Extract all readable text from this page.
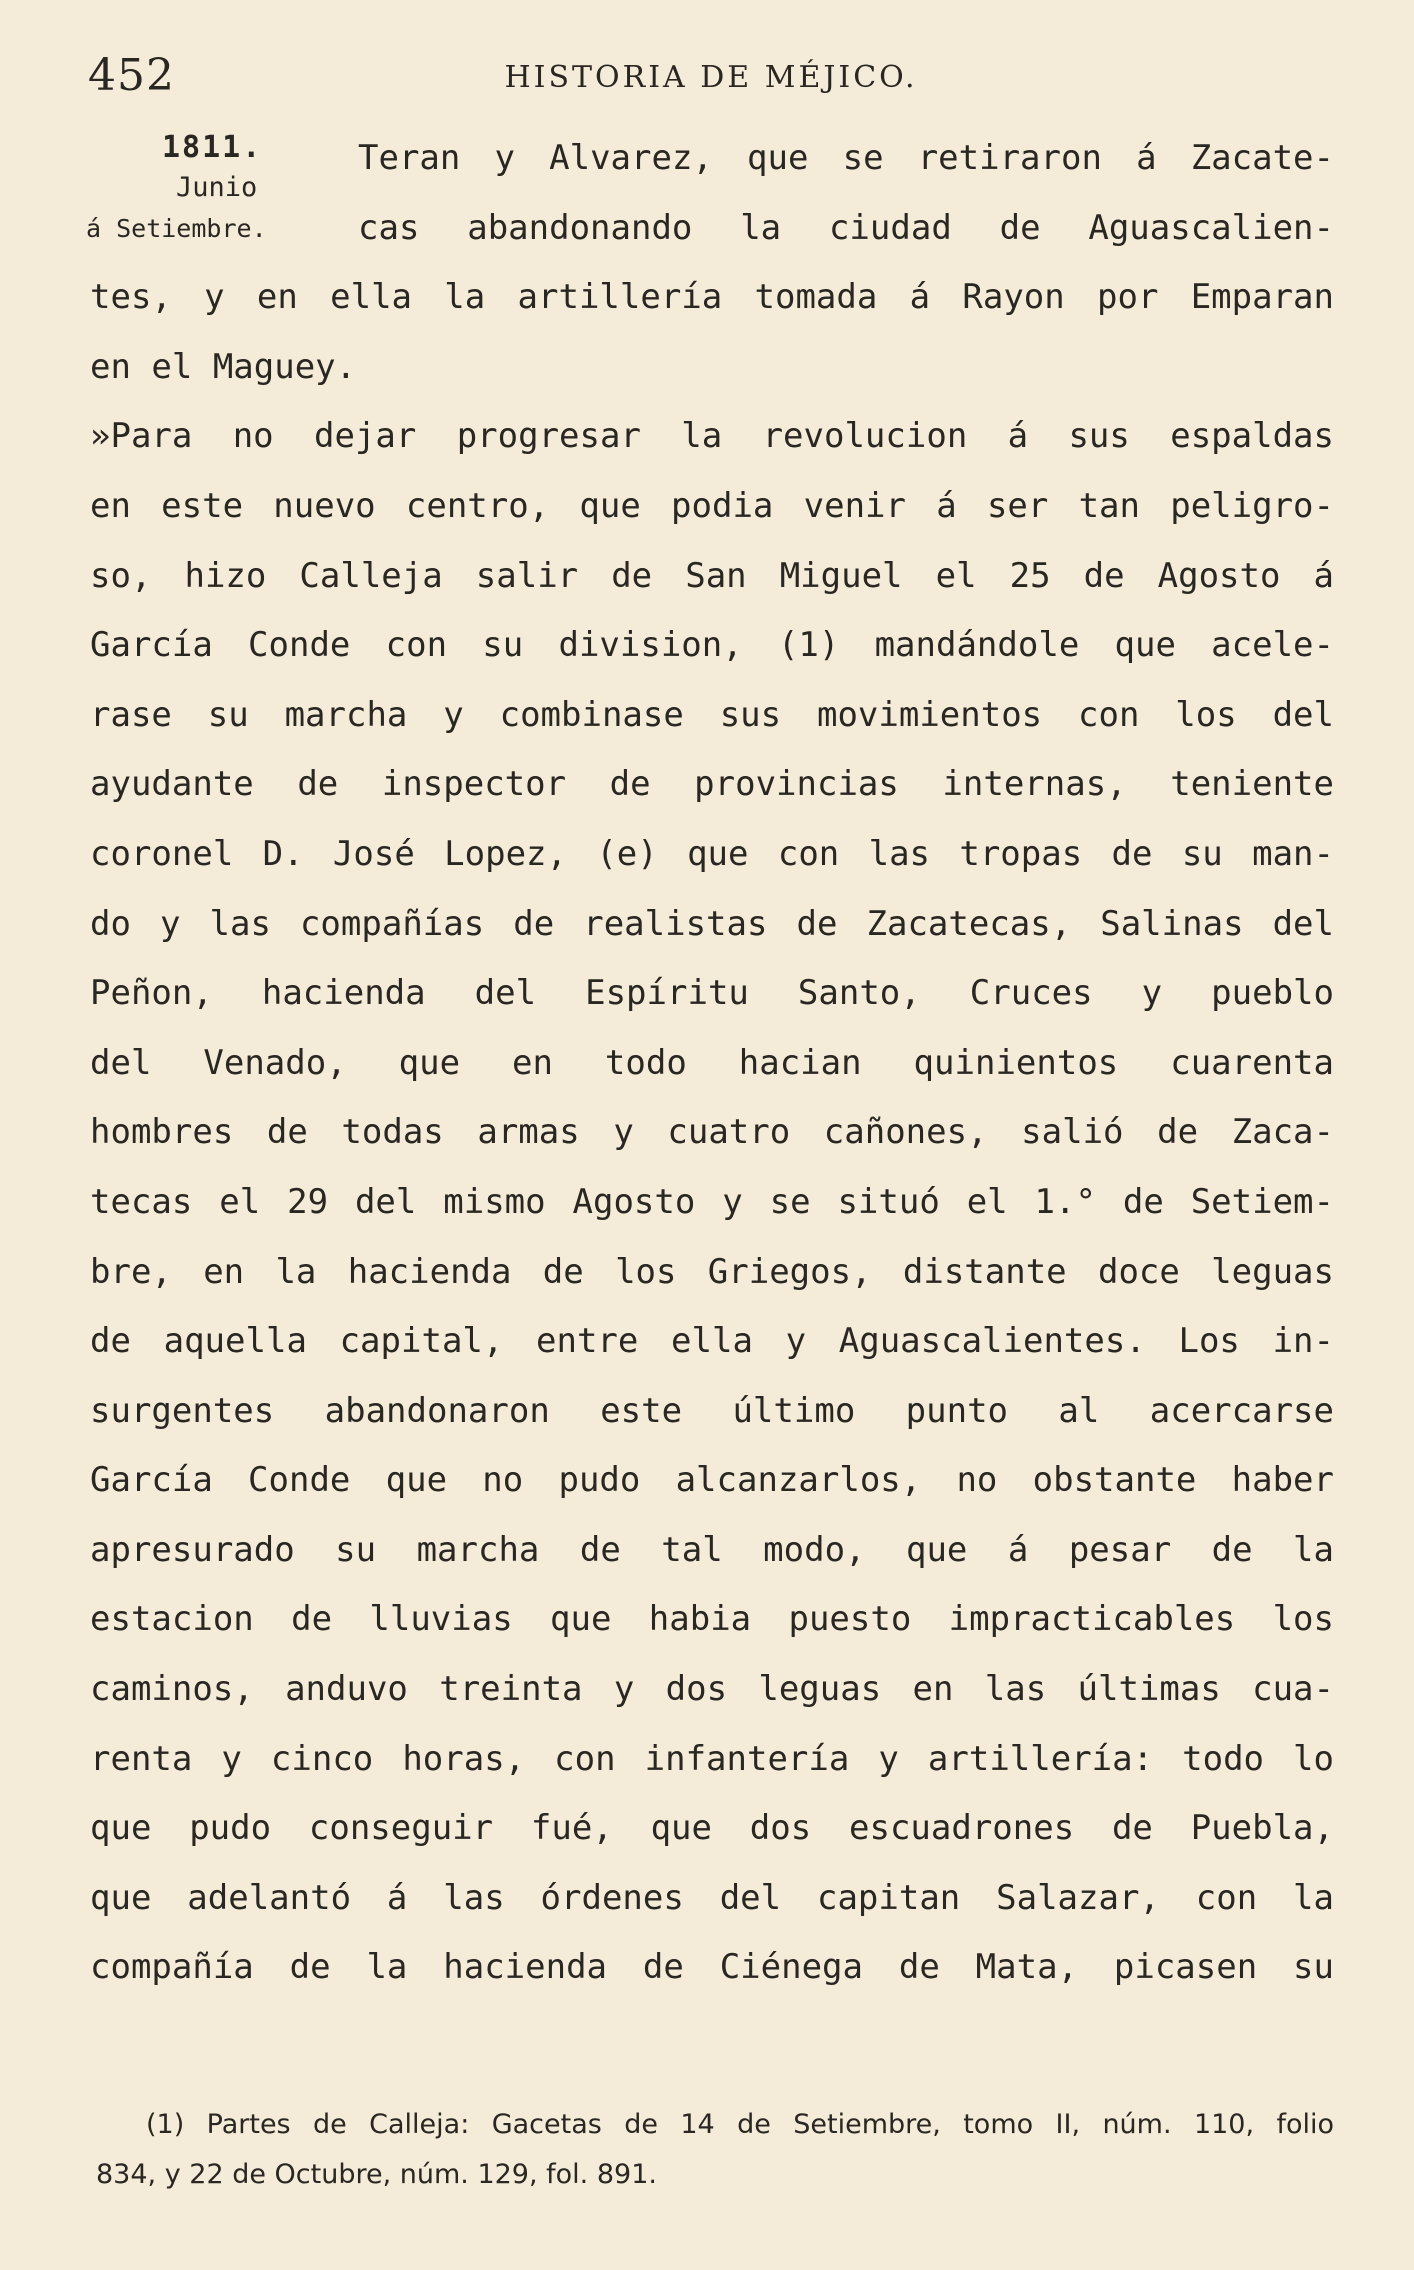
452	HISTORIA DE MÉJICO.
1811.
Junio
á Setiembre.
Teran y Alvarez, que se retiraron á Zacate-
cas abandonando la ciudad de Aguascalien-
tes, y en ella la artillería tomada á Rayon por Emparan
en el Maguey.
»Para no dejar progresar la revolucion á sus espaldas
en este nuevo centro, que podia venir á ser tan peligro-
so, hizo Calleja salir de San Miguel el 25 de Agosto á
García Conde con su division, (1) mandándole que acele-
rase su marcha y combinase sus movimientos con los del
ayudante de inspector de provincias internas, teniente
coronel D. José Lopez, (e) que con las tropas de su man-
do y las compañías de realistas de Zacatecas, Salinas del
Peñon, hacienda del Espíritu Santo, Cruces y pueblo
del Venado, que en todo hacian quinientos cuarenta
hombres de todas armas y cuatro cañones, salió de Zaca-
tecas el 29 del mismo Agosto y se situó el 1.° de Setiem-
bre, en la hacienda de los Griegos, distante doce leguas
de aquella capital, entre ella y Aguascalientes. Los in-
surgentes abandonaron este último punto al acercarse
García Conde que no pudo alcanzarlos, no obstante haber
apresurado su marcha de tal modo, que á pesar de la
estacion de lluvias que habia puesto impracticables los
caminos, anduvo treinta y dos leguas en las últimas cua-
renta y cinco horas, con infantería y artillería: todo lo
que pudo conseguir fué, que dos escuadrones de Puebla,
que adelantó á las órdenes del capitan Salazar, con la
compañía de la hacienda de Ciénega de Mata, picasen su
(1) Partes de Calleja: Gacetas de 14 de Setiembre, tomo II, núm. 110, folio
834, y 22 de Octubre, núm. 129, fol. 891.
